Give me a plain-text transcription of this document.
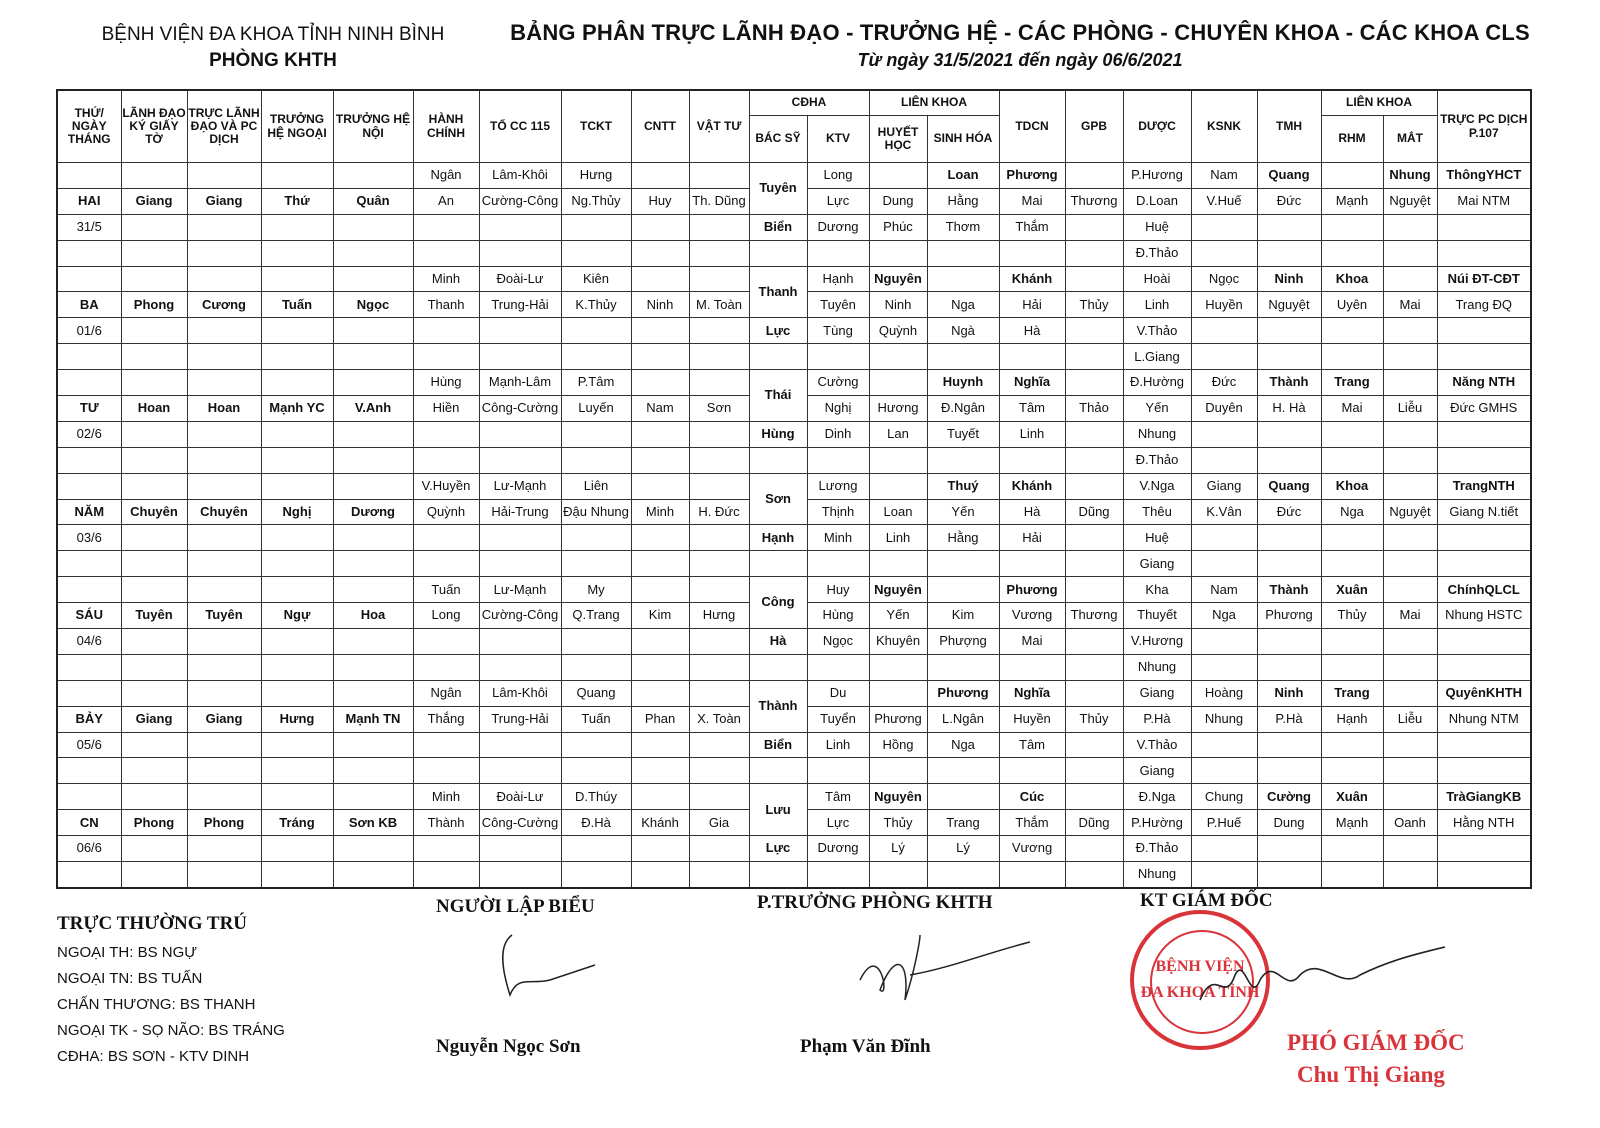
BỆNH VIỆN ĐA KHOA TỈNH NINH BÌNH
PHÒNG KHTH
BẢNG PHÂN TRỰC LÃNH ĐẠO - TRƯỞNG HỆ - CÁC PHÒNG - CHUYÊN KHOA - CÁC KHOA CLS
Từ ngày 31/5/2021 đến ngày 06/6/2021
THỨ/ NGÀY THÁNG	LÃNH ĐẠO KÝ GIẤY TỜ	TRỰC LÃNH ĐẠO VÀ PC DỊCH	TRƯỞNG HỆ NGOẠI	TRƯỞNG HỆ NỘI	HÀNH CHÍNH	TỔ CC 115	TCKT	CNTT	VẬT TƯ	CĐHA		LIÊN KHOA		TDCN	GPB	DƯỢC	KSNK	TMH	LIÊN KHOA		TRỰC PC DỊCH P.107
										BÁC SỸ	KTV	HUYẾT HỌC	SINH HÓA						RHM	MẮT	
					Ngân	Lâm-Khôi	Hưng			Tuyên	Long		Loan	Phương		P.Hương	Nam	Quang		Nhung	ThôngYHCT
HAI	Giang	Giang	Thứ	Quân	An	Cường-Công	Ng.Thủy	Huy	Th. Dũng		Lực	Dung	Hằng	Mai	Thương	D.Loan	V.Huế	Đức	Mạnh	Nguyệt	Mai NTM
31/5										Biển	Dương	Phúc	Thơm	Thắm		Huệ					
																Đ.Thảo					
					Minh	Đoài-Lư	Kiên			Thanh	Hạnh	Nguyên		Khánh		Hoài	Ngọc	Ninh	Khoa		Núi ĐT-CĐT
BA	Phong	Cương	Tuấn	Ngọc	Thanh	Trung-Hải	K.Thủy	Ninh	M. Toàn		Tuyên	Ninh	Nga	Hải	Thủy	Linh	Huyền	Nguyệt	Uyên	Mai	Trang ĐQ
01/6										Lực	Tùng	Quỳnh	Ngà	Hà		V.Thảo					
																L.Giang					
					Hùng	Mạnh-Lâm	P.Tâm			Thái	Cường		Huynh	Nghĩa		Đ.Hường	Đức	Thành	Trang		Năng NTH
TƯ	Hoan	Hoan	Mạnh YC	V.Anh	Hiền	Công-Cường	Luyến	Nam	Sơn		Nghị	Hương	Đ.Ngân	Tâm	Thảo	Yến	Duyên	H. Hà	Mai	Liễu	Đức GMHS
02/6										Hùng	Dinh	Lan	Tuyết	Linh		Nhung					
																Đ.Thảo					
					V.Huyền	Lư-Mạnh	Liên			Sơn	Lương		Thuý	Khánh		V.Nga	Giang	Quang	Khoa		TrangNTH
NĂM	Chuyên	Chuyên	Nghị	Dương	Quỳnh	Hải-Trung	Đậu Nhung	Minh	H. Đức		Thịnh	Loan	Yến	Hà	Dũng	Thêu	K.Vân	Đức	Nga	Nguyệt	Giang N.tiết
03/6										Hạnh	Minh	Linh	Hằng	Hải		Huệ					
																Giang					
					Tuấn	Lư-Mạnh	My			Công	Huy	Nguyên		Phương		Kha	Nam	Thành	Xuân		ChínhQLCL
SÁU	Tuyên	Tuyên	Ngự	Hoa	Long	Cường-Công	Q.Trang	Kim	Hưng		Hùng	Yến	Kim	Vương	Thương	Thuyết	Nga	Phương	Thủy	Mai	Nhung HSTC
04/6										Hà	Ngọc	Khuyên	Phượng	Mai		V.Hương					
																Nhung					
					Ngân	Lâm-Khôi	Quang			Thành	Du		Phương	Nghĩa		Giang	Hoàng	Ninh	Trang		QuyênKHTH
BẢY	Giang	Giang	Hưng	Mạnh TN	Thắng	Trung-Hải	Tuấn	Phan	X. Toàn		Tuyển	Phương	L.Ngân	Huyền	Thủy	P.Hà	Nhung	P.Hà	Hạnh	Liễu	Nhung NTM
05/6										Biển	Linh	Hồng	Nga	Tâm		V.Thảo					
																Giang					
					Minh	Đoài-Lư	D.Thúy			Lưu	Tâm	Nguyên		Cúc		Đ.Nga	Chung	Cường	Xuân		TràGiangKB
CN	Phong	Phong	Tráng	Sơn KB	Thành	Công-Cường	Đ.Hà	Khánh	Gia		Lực	Thủy	Trang	Thắm	Dũng	P.Hường	P.Huế	Dung	Mạnh	Oanh	Hằng NTH
06/6										Lực	Dương	Lý	Lý	Vương		Đ.Thảo					
																Nhung					
TRỰC THƯỜNG TRÚ
NGOẠI TH: BS NGỰ
NGOẠI TN: BS TUẤN
CHẤN THƯƠNG: BS THANH
NGOẠI TK - SỌ NÃO: BS TRÁNG
CĐHA: BS SƠN - KTV DINH
NGƯỜI LẬP BIỂU
Nguyễn Ngọc Sơn
P.TRƯỞNG PHÒNG KHTH
Phạm Văn Đĩnh
KT GIÁM ĐỐC
BỆNH VIỆN
ĐA KHOA TỈNH
PHÓ GIÁM ĐỐC
Chu Thị Giang
